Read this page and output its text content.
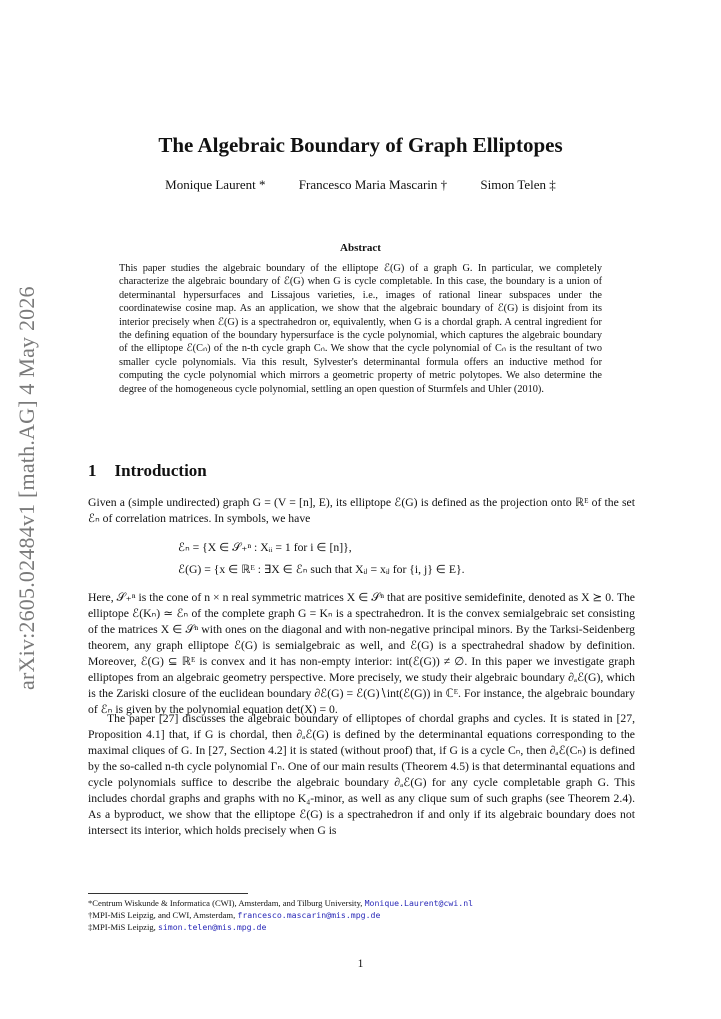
arXiv:2605.02484v1 [math.AG] 4 May 2026
The Algebraic Boundary of Graph Elliptopes
Monique Laurent *	Francesco Maria Mascarin †	Simon Telen ‡
Abstract
This paper studies the algebraic boundary of the elliptope ℰ(G) of a graph G. In particular, we completely characterize the algebraic boundary of ℰ(G) when G is cycle completable. In this case, the boundary is a union of determinantal hypersurfaces and Lissajous varieties, i.e., images of rational linear subspaces under the coordinatewise cosine map. As an application, we show that the algebraic boundary of ℰ(G) is disjoint from its interior precisely when ℰ(G) is a spectrahedron or, equivalently, when G is a chordal graph. A central ingredient for the defining equation of the boundary hypersurface is the cycle polynomial, which captures the algebraic boundary of the elliptope ℰ(Cₙ) of the n-th cycle graph Cₙ. We show that the cycle polynomial of Cₙ is the resultant of two smaller cycle polynomials. Via this result, Sylvester's determinantal formula offers an inductive method for computing the cycle polynomial which mirrors a geometric property of metric polytopes. We also determine the degree of the homogeneous cycle polynomial, settling an open question of Sturmfels and Uhler (2010).
1 Introduction
Given a (simple undirected) graph G = (V = [n], E), its elliptope ℰ(G) is defined as the projection onto ℝᴱ of the set ℰₙ of correlation matrices. In symbols, we have
ℰₙ = {X ∈ 𝒮₊ⁿ : Xᵢᵢ = 1 for i ∈ [n]},
ℰ(G) = {x ∈ ℝᴱ : ∃X ∈ ℰₙ such that Xᵢⱼ = xᵢⱼ for {i, j} ∈ E}.
Here, 𝒮₊ⁿ is the cone of n × n real symmetric matrices X ∈ 𝒮ⁿ that are positive semidefinite, denoted as X ⪰ 0. The elliptope ℰ(Kₙ) ≃ ℰₙ of the complete graph G = Kₙ is a spectrahedron. It is the convex semialgebraic set consisting of the matrices X ∈ 𝒮ⁿ with ones on the diagonal and with non-negative principal minors. By the Tarksi-Seidenberg theorem, any graph elliptope ℰ(G) is semialgebraic as well, and ℰ(G) is a spectrahedral shadow by definition. Moreover, ℰ(G) ⊆ ℝᴱ is convex and it has non-empty interior: int(ℰ(G)) ≠ ∅. In this paper we investigate graph elliptopes from an algebraic geometry perspective. More precisely, we study their algebraic boundary ∂ₐℰ(G), which is the Zariski closure of the euclidean boundary ∂ℰ(G) = ℰ(G)∖int(ℰ(G)) in ℂᴱ. For instance, the algebraic boundary of ℰₙ is given by the polynomial equation det(X) = 0.
The paper [27] discusses the algebraic boundary of elliptopes of chordal graphs and cycles. It is stated in [27, Proposition 4.1] that, if G is chordal, then ∂ₐℰ(G) is defined by the determinantal equations corresponding to the maximal cliques of G. In [27, Section 4.2] it is stated (without proof) that, if G is a cycle Cₙ, then ∂ₐℰ(Cₙ) is defined by the so-called n-th cycle polynomial Γₙ. One of our main results (Theorem 4.5) is that determinantal equations and cycle polynomials suffice to describe the algebraic boundary ∂ₐℰ(G) for any cycle completable graph G. This includes chordal graphs and graphs with no K₄-minor, as well as any clique sum of such graphs (see Theorem 2.4). As a byproduct, we show that the elliptope ℰ(G) is a spectrahedron if and only if its algebraic boundary does not intersect its interior, which holds precisely when G is
*Centrum Wiskunde & Informatica (CWI), Amsterdam, and Tilburg University, Monique.Laurent@cwi.nl
†MPI-MiS Leipzig, and CWI, Amsterdam, francesco.mascarin@mis.mpg.de
‡MPI-MiS Leipzig, simon.telen@mis.mpg.de
1
